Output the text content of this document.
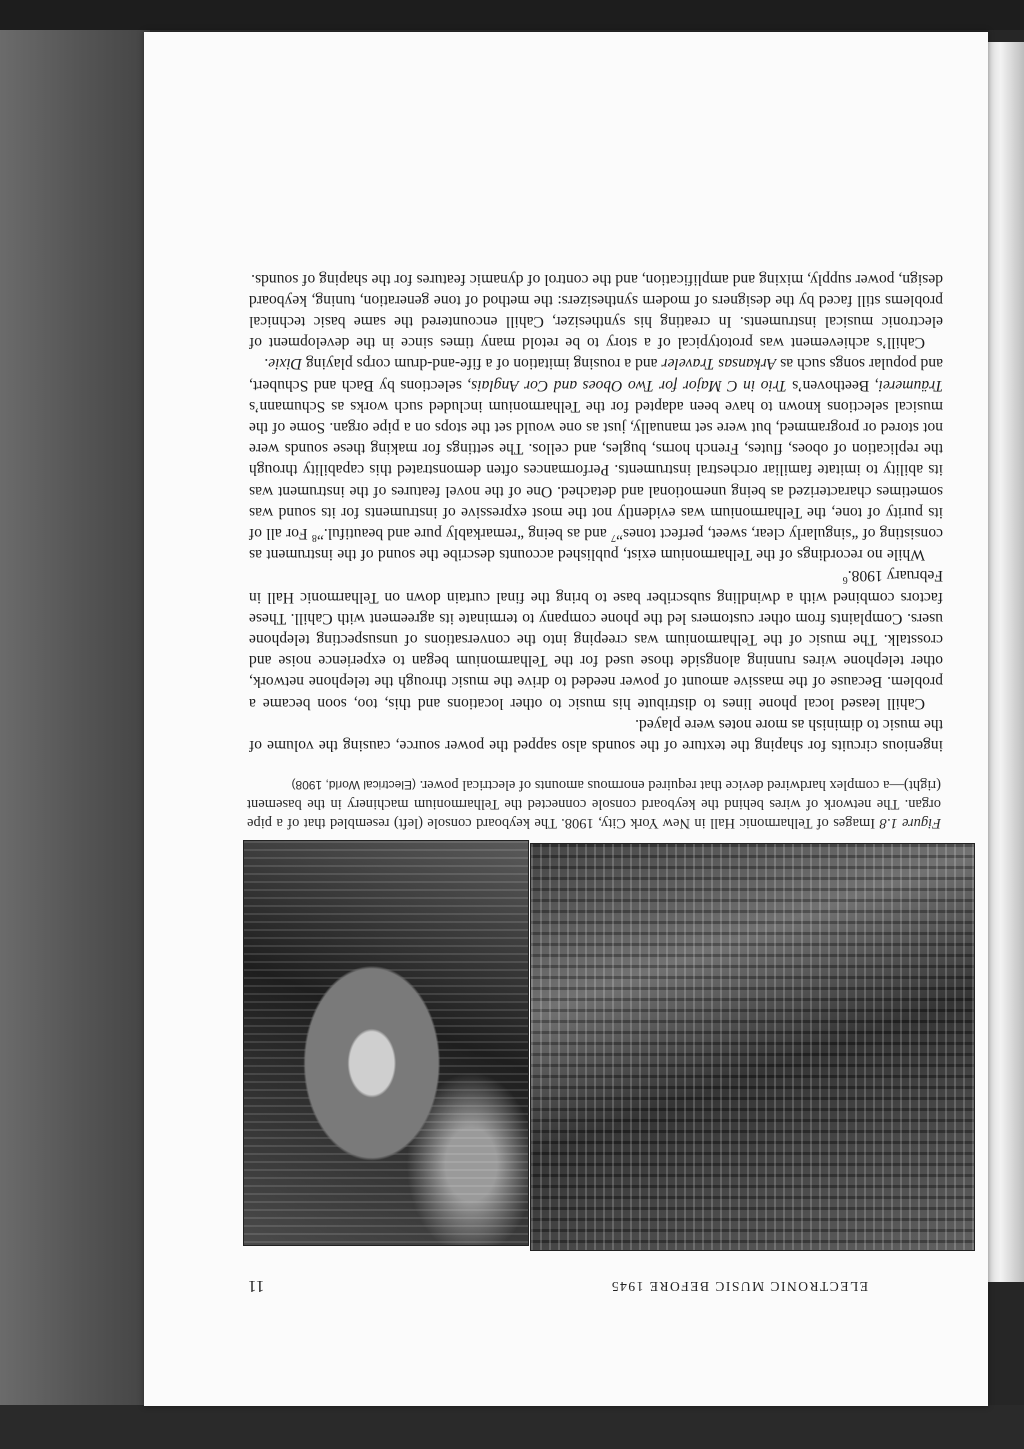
ELECTRONIC MUSIC BEFORE 1945
11
Figure 1.8 Images of Telharmonic Hall in New York City, 1908. The keyboard console (left) resembled that of a pipe organ. The network of wires behind the keyboard console connected the Telharmonium machinery in the basement (right)—a complex hardwired device that required enormous amounts of electrical power. (Electrical World, 1908)

ingenious circuits for shaping the texture of the sounds also sapped the power source, causing the volume of the music to diminish as more notes were played.

Cahill leased local phone lines to distribute his music to other locations and this, too, soon became a problem. Because of the massive amount of power needed to drive the music through the telephone network, other telephone wires running alongside those used for the Telharmonium began to experience noise and crosstalk. The music of the Telharmonium was creeping into the conversations of unsuspecting telephone users. Complaints from other customers led the phone company to terminate its agreement with Cahill. These factors combined with a dwindling subscriber base to bring the final curtain down on Telharmonic Hall in February 1908.$^6$

While no recordings of the Telharmonium exist, published accounts describe the sound of the instrument as consisting of “singularly clear, sweet, perfect tones”$^7$ and as being “remarkably pure and beautiful.”$^8$ For all of its purity of tone, the Telharmonium was evidently not the most expressive of instruments for its sound was sometimes characterized as being unemotional and detached. One of the novel features of the instrument was its ability to imitate familiar orchestral instruments. Performances often demonstrated this capability through the replication of oboes, flutes, French horns, bugles, and cellos. The settings for making these sounds were not stored or programmed, but were set manually, just as one would set the stops on a pipe organ. Some of the musical selections known to have been adapted for the Telharmonium included such works as Schumann’s Träumerei, Beethoven’s Trio in C Major for Two Oboes and Cor Anglais, selections by Bach and Schubert, and popular songs such as Arkansas Traveler and a rousing imitation of a fife-and-drum corps playing Dixie.

Cahill’s achievement was prototypical of a story to be retold many times since in the development of electronic musical instruments. In creating his synthesizer, Cahill encountered the same basic technical problems still faced by the designers of modern synthesizers: the method of tone generation, tuning, keyboard design, power supply, mixing and amplification, and the control of dynamic features for the shaping of sounds.
